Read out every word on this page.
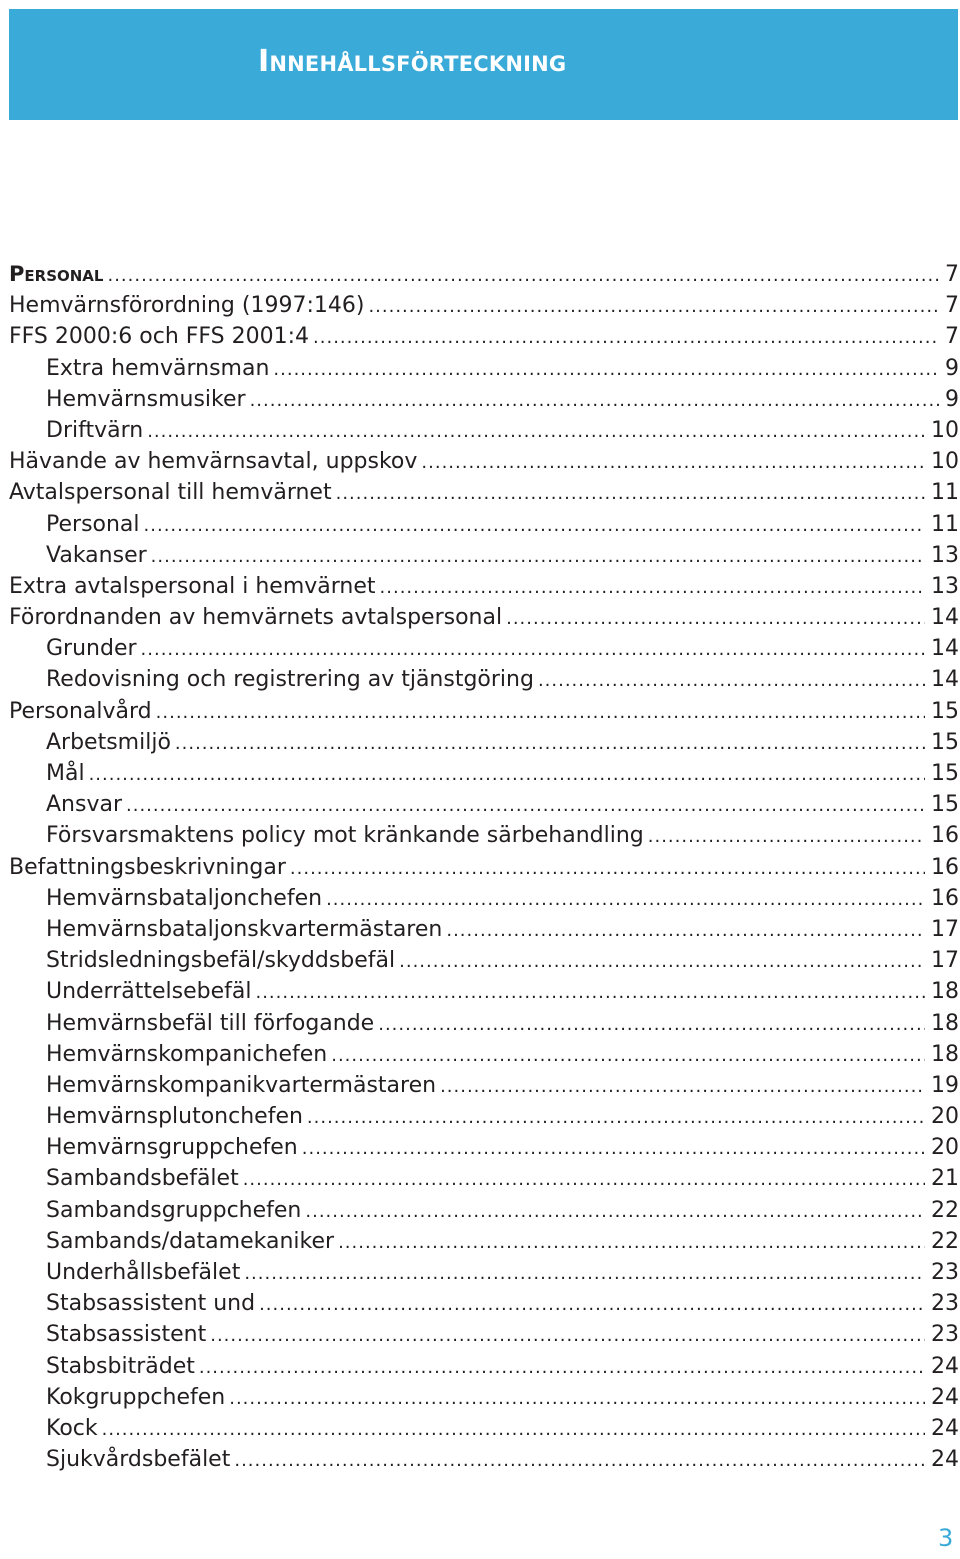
Innehållsförteckning
Personal .....	7
Hemvärnsförordning (1997:146) .....	7
FFS 2000:6 och FFS 2001:4 .....	7
Extra hemvärnsman .....	9
Hemvärnsmusiker .....	9
Driftvärn .....	10
Hävande av hemvärnsavtal, uppskov .....	10
Avtalspersonal till hemvärnet .....	11
Personal .....	11
Vakanser .....	13
Extra avtalspersonal i hemvärnet .....	13
Förordnanden av hemvärnets avtalspersonal .....	14
Grunder .....	14
Redovisning och registrering av tjänstgöring .....	14
Personalvård .....	15
Arbetsmiljö .....	15
Mål .....	15
Ansvar .....	15
Försvarsmaktens policy mot kränkande särbehandling .....	16
Befattningsbeskrivningar .....	16
Hemvärnsbataljonchefen .....	16
Hemvärnsbataljonskvartermästaren .....	17
Stridsledningsbefäl/skyddsbefäl .....	17
Underrättelsebefäl .....	18
Hemvärnsbefäl till förfogande .....	18
Hemvärnskompanichefen .....	18
Hemvärnskompanikvartermästaren .....	19
Hemvärnsplutonchefen .....	20
Hemvärnsgruppchefen .....	20
Sambandsbefälet .....	21
Sambandsgruppchefen .....	22
Sambands/datamekaniker .....	22
Underhållsbefälet .....	23
Stabsassistent und .....	23
Stabsassistent .....	23
Stabsbiträdet .....	24
Kokgruppchefen .....	24
Kock .....	24
Sjukvårdsbefälet .....	24

3
